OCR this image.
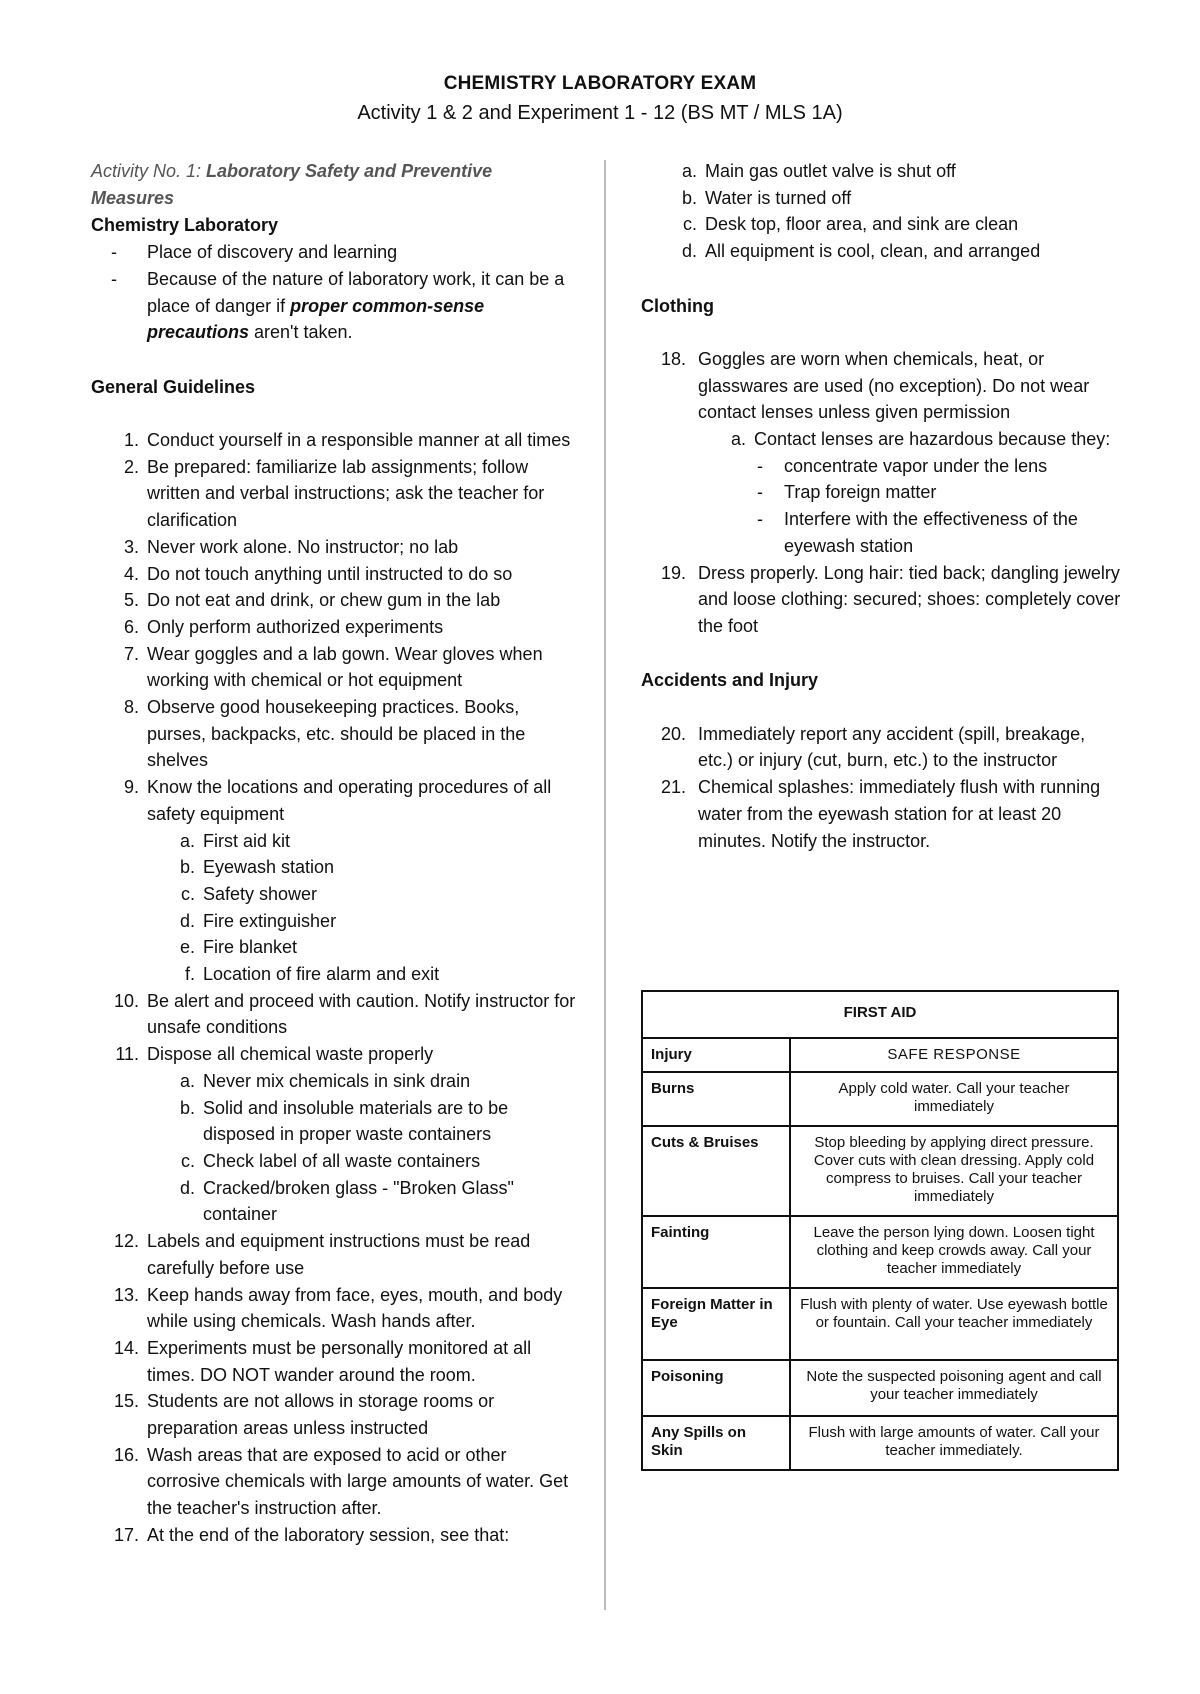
CHEMISTRY LABORATORY EXAM
Activity 1 & 2 and Experiment 1 - 12 (BS MT / MLS 1A)
Activity No. 1: Laboratory Safety and Preventive
Measures
Chemistry Laboratory
-	Place of discovery and learning
-	Because of the nature of laboratory work, it can be a place of danger if proper common-sense precautions aren't taken.
General Guidelines
1. Conduct yourself in a responsible manner at all times
2. Be prepared: familiarize lab assignments; follow written and verbal instructions; ask the teacher for clarification
3. Never work alone. No instructor; no lab
4. Do not touch anything until instructed to do so
5. Do not eat and drink, or chew gum in the lab
6. Only perform authorized experiments
7. Wear goggles and a lab gown. Wear gloves when working with chemical or hot equipment
8. Observe good housekeeping practices. Books, purses, backpacks, etc. should be placed in the shelves
9. Know the locations and operating procedures of all safety equipment
a. First aid kit
b. Eyewash station
c. Safety shower
d. Fire extinguisher
e. Fire blanket
f. Location of fire alarm and exit
10. Be alert and proceed with caution. Notify instructor for unsafe conditions
11. Dispose all chemical waste properly
a. Never mix chemicals in sink drain
b. Solid and insoluble materials are to be disposed in proper waste containers
c. Check label of all waste containers
d. Cracked/broken glass - "Broken Glass" container
12. Labels and equipment instructions must be read carefully before use
13. Keep hands away from face, eyes, mouth, and body while using chemicals. Wash hands after.
14. Experiments must be personally monitored at all times. DO NOT wander around the room.
15. Students are not allows in storage rooms or preparation areas unless instructed
16. Wash areas that are exposed to acid or other corrosive chemicals with large amounts of water. Get the teacher's instruction after.
17. At the end of the laboratory session, see that:
a. Main gas outlet valve is shut off
b. Water is turned off
c. Desk top, floor area, and sink are clean
d. All equipment is cool, clean, and arranged
Clothing
18. Goggles are worn when chemicals, heat, or glasswares are used (no exception). Do not wear contact lenses unless given permission
a. Contact lenses are hazardous because they:
-	concentrate vapor under the lens
-	Trap foreign matter
-	Interfere with the effectiveness of the eyewash station
19. Dress properly. Long hair: tied back; dangling jewelry and loose clothing: secured; shoes: completely cover the foot
Accidents and Injury
20. Immediately report any accident (spill, breakage, etc.) or injury (cut, burn, etc.) to the instructor
21. Chemical splashes: immediately flush with running water from the eyewash station for at least 20 minutes. Notify the instructor.
FIRST AID	
Injury	SAFE RESPONSE
Burns	Apply cold water. Call your teacher immediately
Cuts & Bruises	Stop bleeding by applying direct pressure. Cover cuts with clean dressing. Apply cold compress to bruises. Call your teacher immediately
Fainting	Leave the person lying down. Loosen tight clothing and keep crowds away. Call your teacher immediately
Foreign Matter in Eye	Flush with plenty of water. Use eyewash bottle or fountain. Call your teacher immediately
Poisoning	Note the suspected poisoning agent and call your teacher immediately
Any Spills on Skin	Flush with large amounts of water. Call your teacher immediately.
